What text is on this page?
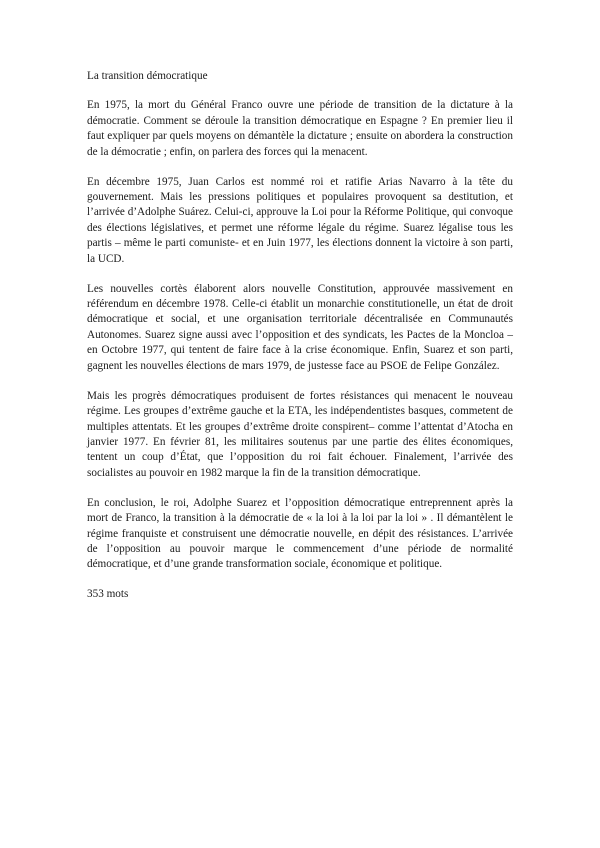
La transition démocratique

En 1975, la mort du Général Franco ouvre une période de transition de la dictature à la démocratie. Comment se déroule la transition démocratique en Espagne ? En premier lieu il faut expliquer par quels moyens on démantèle la dictature ; ensuite on abordera la construction de la démocratie ; enfin, on parlera des forces qui la menacent.

En décembre 1975, Juan Carlos est nommé roi et ratifie Arias Navarro à la tête du gouvernement. Mais les pressions politiques et populaires provoquent sa destitution, et l’arrivée d’Adolphe Suárez. Celui-ci, approuve la Loi pour la Réforme Politique, qui convoque des élections législatives, et permet une réforme légale du régime. Suarez légalise tous les partis – même le parti comuniste- et en Juin 1977, les élections donnent la victoire à son parti, la UCD.

Les nouvelles cortès élaborent alors nouvelle Constitution, approuvée massivement en référendum en décembre 1978. Celle-ci établit un monarchie constitutionelle, un état de droit démocratique et social, et une organisation territoriale décentralisée en Communautés Autonomes. Suarez signe aussi avec l’opposition et des syndicats, les Pactes de la Moncloa – en Octobre 1977, qui tentent de faire face à la crise économique. Enfin, Suarez et son parti, gagnent les nouvelles élections de mars 1979, de justesse face au PSOE de Felipe González.

Mais les progrès démocratiques produisent de fortes résistances qui menacent le nouveau régime. Les groupes d’extrême gauche et la ETA, les indépendentistes basques, commetent de multiples attentats. Et les groupes d’extrême droite conspirent– comme l’attentat d’Atocha en janvier 1977. En février 81, les militaires soutenus par une partie des élites économiques, tentent un coup d’État, que l’opposition du roi fait échouer. Finalement, l’arrivée des socialistes au pouvoir en 1982 marque la fin de la transition démocratique.

En conclusion, le roi, Adolphe Suarez et l’opposition démocratique entreprennent après la mort de Franco, la transition à la démocratie de « la loi à la loi par la loi » . Il démantèlent le régime franquiste et construisent une démocratie nouvelle, en dépit des résistances. L’arrivée de l’opposition au pouvoir marque le commencement d’une période de normalité démocratique, et d’une grande transformation sociale, économique et politique.

353 mots
